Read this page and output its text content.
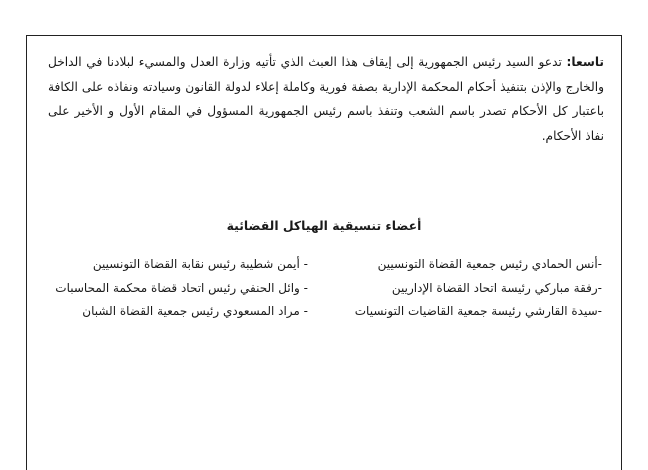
تاسعا: تدعو السيد رئيس الجمهورية إلى إيقاف هذا العبث الذي تأتيه وزارة العدل والمسيء لبلادنا في الداخل والخارج والإذن بتنفيذ أحكام المحكمة الإدارية بصفة فورية وكاملة إعلاء لدولة القانون وسيادته ونفاذه على الكافة باعتبار كل الأحكام تصدر باسم الشعب وتنفذ باسم رئيس الجمهورية المسؤول في المقام الأول و الأخير على نفاذ الأحكام.

أعضاء تنسيقية الهياكل القضائية
-أنس الحمادي رئيس جمعية القضاة التونسيين
-رفقة مباركي رئيسة اتحاد القضاة الإداريين
-سيدة القارشي رئيسة جمعية القاضيات التونسيات
- أيمن شطيبة رئيس نقابة القضاة التونسيين
- وائل الحنفي رئيس اتحاد قضاة محكمة المحاسبات
- مراد المسعودي رئيس جمعية القضاة الشبان
